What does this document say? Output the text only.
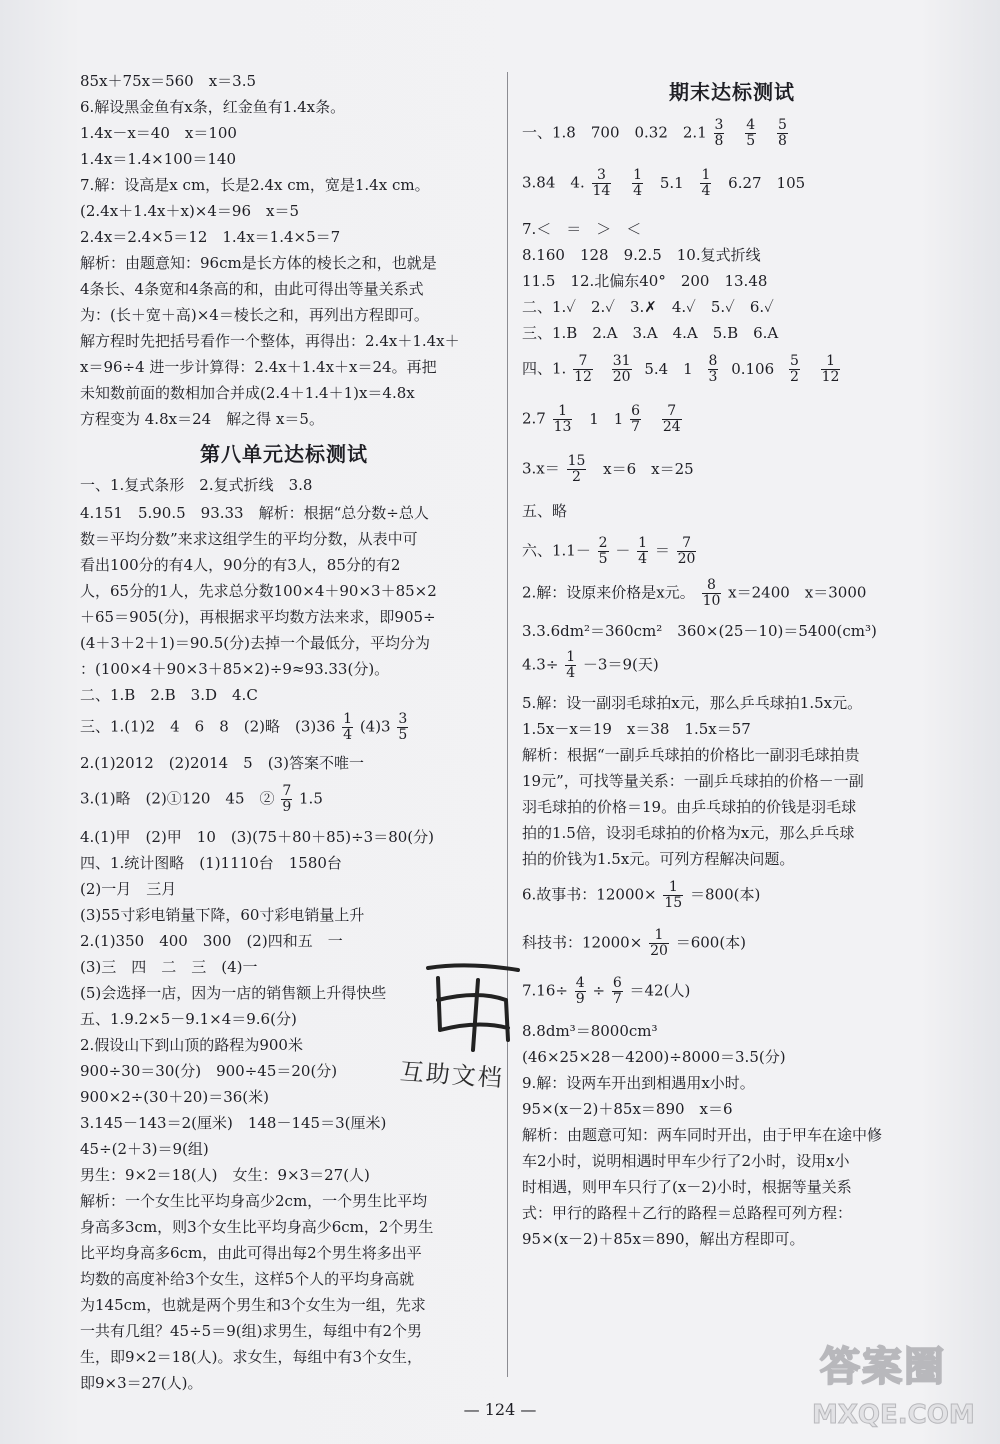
85x＋75x＝560　x＝3.5
6.解设黑金鱼有x条，红金鱼有1.4x条。
1.4x－x＝40　x＝100
1.4x＝1.4×100＝140
7.解：设高是x cm，长是2.4x cm，宽是1.4x cm。
(2.4x＋1.4x＋x)×4＝96　x＝5
2.4x＝2.4×5＝12　1.4x＝1.4×5＝7
解析：由题意知：96cm是长方体的棱长之和，也就是
4条长、4条宽和4条高的和，由此可得出等量关系式
为：(长＋宽＋高)×4＝棱长之和，再列出方程即可。
解方程时先把括号看作一个整体，再得出：2.4x＋1.4x＋
x＝96÷4 进一步计算得：2.4x＋1.4x＋x＝24。再把
未知数前面的数相加合并成(2.4＋1.4＋1)x＝4.8x
方程变为 4.8x＝24　解之得 x＝5。
第八单元达标测试
一、1.复式条形　2.复式折线　3.8
4.151　5.90.5　93.33　解析：根据“总分数÷总人
数＝平均分数”来求这组学生的平均分数，从表中可
看出100分的有4人，90分的有3人，85分的有2
人，65分的1人，先求总分数100×4＋90×3＋85×2
＋65＝905(分)，再根据求平均数方法来求，即905÷
(4＋3＋2＋1)＝90.5(分)去掉一个最低分，平均分为
：(100×4＋90×3＋85×2)÷9≈93.33(分)。
二、1.B　2.B　3.D　4.C
三、1.(1)2　4　6　8　(2)略　$(3)36 \frac{1}{4} (4)3 \frac{3}{5}$
2.(1)2012　(2)2014　5　(3)答案不唯一
3.(1)略　(2)①120　45　② $\frac{7}{9} 1.5$
4.(1)甲　(2)甲　10　(3)(75＋80＋85)÷3＝80(分)
四、1.统计图略　(1)1110台　1580台
(2)一月　三月
(3)55寸彩电销量下降，60寸彩电销量上升
2.(1)350　400　300　(2)四和五　一
(3)三　四　二　三　(4)一
(5)会选择一店，因为一店的销售额上升得快些
五、1.9.2×5－9.1×4＝9.6(分)
2.假设山下到山顶的路程为900米
900÷30＝30(分)　900÷45＝20(分)
900×2÷(30＋20)＝36(米)
3.145－143＝2(厘米)　148－145＝3(厘米)
45÷(2＋3)＝9(组)
男生：9×2＝18(人)　女生：9×3＝27(人)
解析：一个女生比平均身高少2cm，一个男生比平均
身高多3cm，则3个女生比平均身高少6cm，2个男生
比平均身高多6cm，由此可得出每2个男生将多出平
均数的高度补给3个女生，这样5个人的平均身高就
为145cm，也就是两个男生和3个女生为一组，先求
一共有几组？45÷5＝9(组)求男生，每组中有2个男
生，即9×2＝18(人)。求女生，每组中有3个女生，
即9×3＝27(人)。
期末达标测试
一、1.8　700　0.32　$2.1 \frac{3}{8}$
$\frac{4}{5}$
$\frac{5}{8}$
3.84　4. $\frac{3}{14}$
$\frac{1}{4} 5.1 \frac{1}{4} 6.27$　105
7.＜　＝　＞　＜
8.160　128　9.2.5　10.复式折线
11.5　12.北偏东40°　200　13.48
二、1.✓　2.✓　3.✗　4.✓　5.✓　6.✓
三、1.B　2.A　3.A　4.A　5.B　6.A
四、1. $\frac{7}{12}$
$\frac{31}{20} 5.4$　$1 \frac{8}{3} 0.106 \frac{5}{2}$
$\frac{1}{12}$
$2.7 \frac{1}{13} 1$　$1 \frac{6}{7}$
$\frac{7}{24}$
$3.x= \frac{15}{2} x=6$　x＝25
五、略
六、$1.1- \frac{2}{5} - \frac{1}{4} = \frac{7}{20}$
2.解：设原来价格是x元。 $\frac{8}{10} x=2400$　x＝3000
3.3.6dm²＝360cm²　360×(25－10)＝5400(cm³)
$4.3\div \frac{1}{4} -3=9$(天)
5.解：设一副羽毛球拍x元，那么乒乓球拍1.5x元。
1.5x－x＝19　x＝38　1.5x＝57
解析：根据“一副乒乓球拍的价格比一副羽毛球拍贵
19元”，可找等量关系：一副乒乓球拍的价格－一副
羽毛球拍的价格＝19。由乒乓球拍的价钱是羽毛球
拍的1.5倍，设羽毛球拍的价格为x元，那么乒乓球
拍的价钱为1.5x元。可列方程解决问题。
6.故事书：$12000\times \frac{1}{15} =800$(本)
科技书：$12000\times \frac{1}{20} =600$(本)
$7.16\div \frac{4}{9} \div \frac{6}{7} =42$(人)
8.8dm³＝8000cm³
(46×25×28－4200)÷8000＝3.5(分)
9.解：设两车开出到相遇用x小时。
95×(x－2)＋85x＝890　x＝6
解析：由题意可知：两车同时开出，由于甲车在途中修
车2小时，说明相遇时甲车少行了2小时，设用x小
时相遇，则甲车只行了(x－2)小时，根据等量关系
式：甲行的路程＋乙行的路程＝总路程可列方程：
95×(x－2)＋85x＝890，解出方程即可。
互助文档
答案圈
MXQE.COM
— 124 —
